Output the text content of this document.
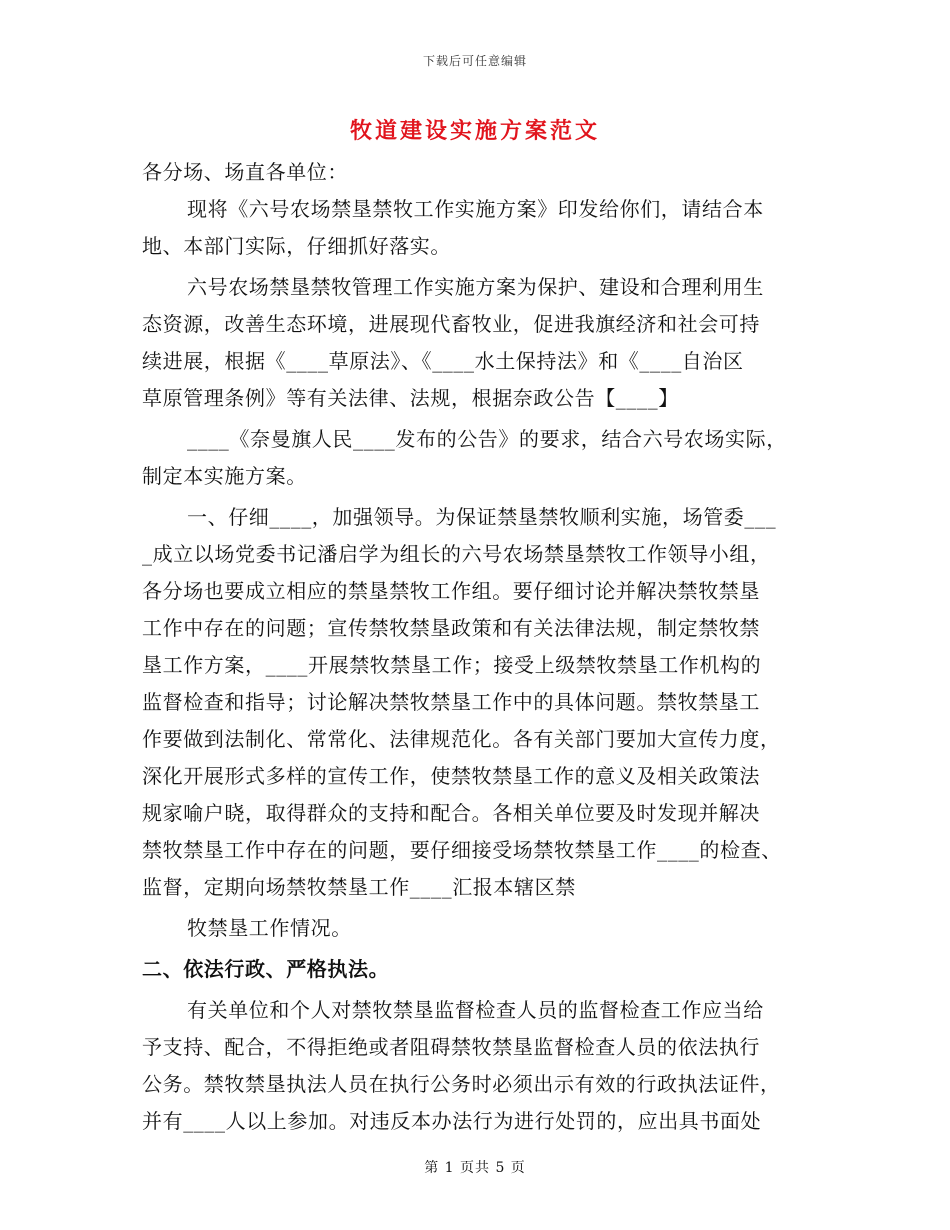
下载后可任意编辑
牧道建设实施方案范文
各分场、场直各单位：
现将《六号农场禁垦禁牧工作实施方案》印发给你们，请结合本
地、本部门实际，仔细抓好落实。
六号农场禁垦禁牧管理工作实施方案为保护、建设和合理利用生
态资源，改善生态环境，进展现代畜牧业，促进我旗经济和社会可持
续进展，根据《____草原法》、《____水土保持法》和《____自治区
草原管理条例》等有关法律、法规，根据奈政公告【____】
____《奈曼旗人民____发布的公告》的要求，结合六号农场实际，
制定本实施方案。
一、仔细____，加强领导。为保证禁垦禁牧顺利实施，场管委___
_成立以场党委书记潘启学为组长的六号农场禁垦禁牧工作领导小组，
各分场也要成立相应的禁垦禁牧工作组。要仔细讨论并解决禁牧禁垦
工作中存在的问题；宣传禁牧禁垦政策和有关法律法规，制定禁牧禁
垦工作方案，____开展禁牧禁垦工作；接受上级禁牧禁垦工作机构的
监督检查和指导；讨论解决禁牧禁垦工作中的具体问题。禁牧禁垦工
作要做到法制化、常常化、法律规范化。各有关部门要加大宣传力度，
深化开展形式多样的宣传工作，使禁牧禁垦工作的意义及相关政策法
规家喻户晓，取得群众的支持和配合。各相关单位要及时发现并解决
禁牧禁垦工作中存在的问题，要仔细接受场禁牧禁垦工作____的检查、
监督，定期向场禁牧禁垦工作____汇报本辖区禁
牧禁垦工作情况。
二、依法行政、严格执法。
有关单位和个人对禁牧禁垦监督检查人员的监督检查工作应当给
予支持、配合，不得拒绝或者阻碍禁牧禁垦监督检查人员的依法执行
公务。禁牧禁垦执法人员在执行公务时必须出示有效的行政执法证件，
并有____人以上参加。对违反本办法行为进行处罚的，应出具书面处
第 1 页共 5 页
